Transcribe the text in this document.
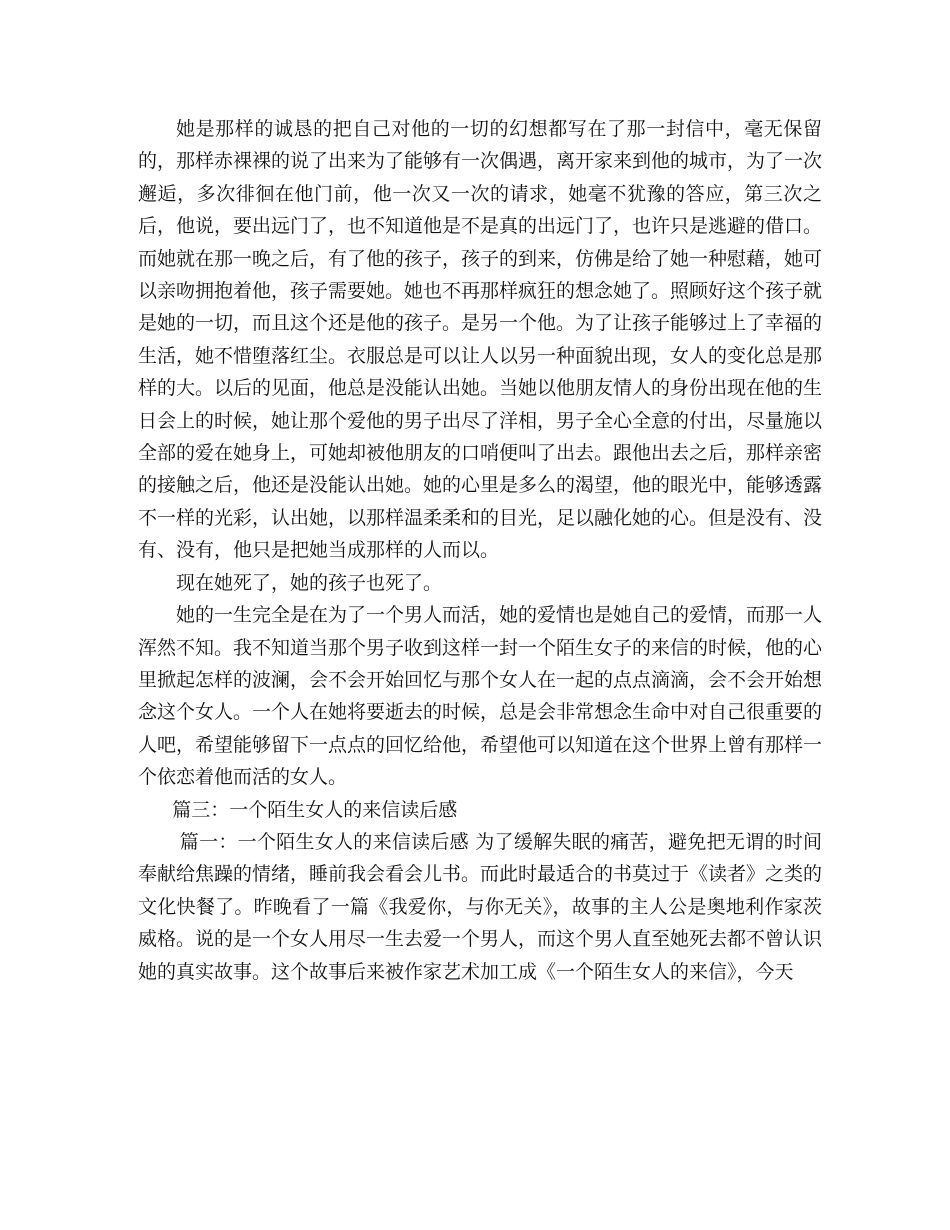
她是那样的诚恳的把自己对他的一切的幻想都写在了那一封信中，毫无保留的，那样赤裸裸的说了出来为了能够有一次偶遇，离开家来到他的城市，为了一次邂逅，多次徘徊在他门前，他一次又一次的请求，她毫不犹豫的答应，第三次之后，他说，要出远门了，也不知道他是不是真的出远门了，也许只是逃避的借口。而她就在那一晚之后，有了他的孩子，孩子的到来，仿佛是给了她一种慰藉，她可以亲吻拥抱着他，孩子需要她。她也不再那样疯狂的想念她了。照顾好这个孩子就是她的一切，而且这个还是他的孩子。是另一个他。为了让孩子能够过上了幸福的生活，她不惜堕落红尘。衣服总是可以让人以另一种面貌出现，女人的变化总是那样的大。以后的见面，他总是没能认出她。当她以他朋友情人的身份出现在他的生日会上的时候，她让那个爱他的男子出尽了洋相，男子全心全意的付出，尽量施以全部的爱在她身上，可她却被他朋友的口哨便叫了出去。跟他出去之后，那样亲密的接触之后，他还是没能认出她。她的心里是多么的渴望，他的眼光中，能够透露不一样的光彩，认出她，以那样温柔柔和的目光，足以融化她的心。但是没有、没有、没有，他只是把她当成那样的人而以。

现在她死了，她的孩子也死了。

她的一生完全是在为了一个男人而活，她的爱情也是她自己的爱情，而那一人浑然不知。我不知道当那个男子收到这样一封一个陌生女子的来信的时候，他的心里掀起怎样的波澜，会不会开始回忆与那个女人在一起的点点滴滴，会不会开始想念这个女人。一个人在她将要逝去的时候，总是会非常想念生命中对自己很重要的人吧，希望能够留下一点点的回忆给他，希望他可以知道在这个世界上曾有那样一个依恋着他而活的女人。

篇三：一个陌生女人的来信读后感

篇一：一个陌生女人的来信读后感 为了缓解失眠的痛苦，避免把无谓的时间奉献给焦躁的情绪，睡前我会看会儿书。而此时最适合的书莫过于《读者》之类的文化快餐了。昨晚看了一篇《我爱你，与你无关》，故事的主人公是奥地利作家茨威格。说的是一个女人用尽一生去爱一个男人，而这个男人直至她死去都不曾认识她的真实故事。这个故事后来被作家艺术加工成《一个陌生女人的来信》，今天
